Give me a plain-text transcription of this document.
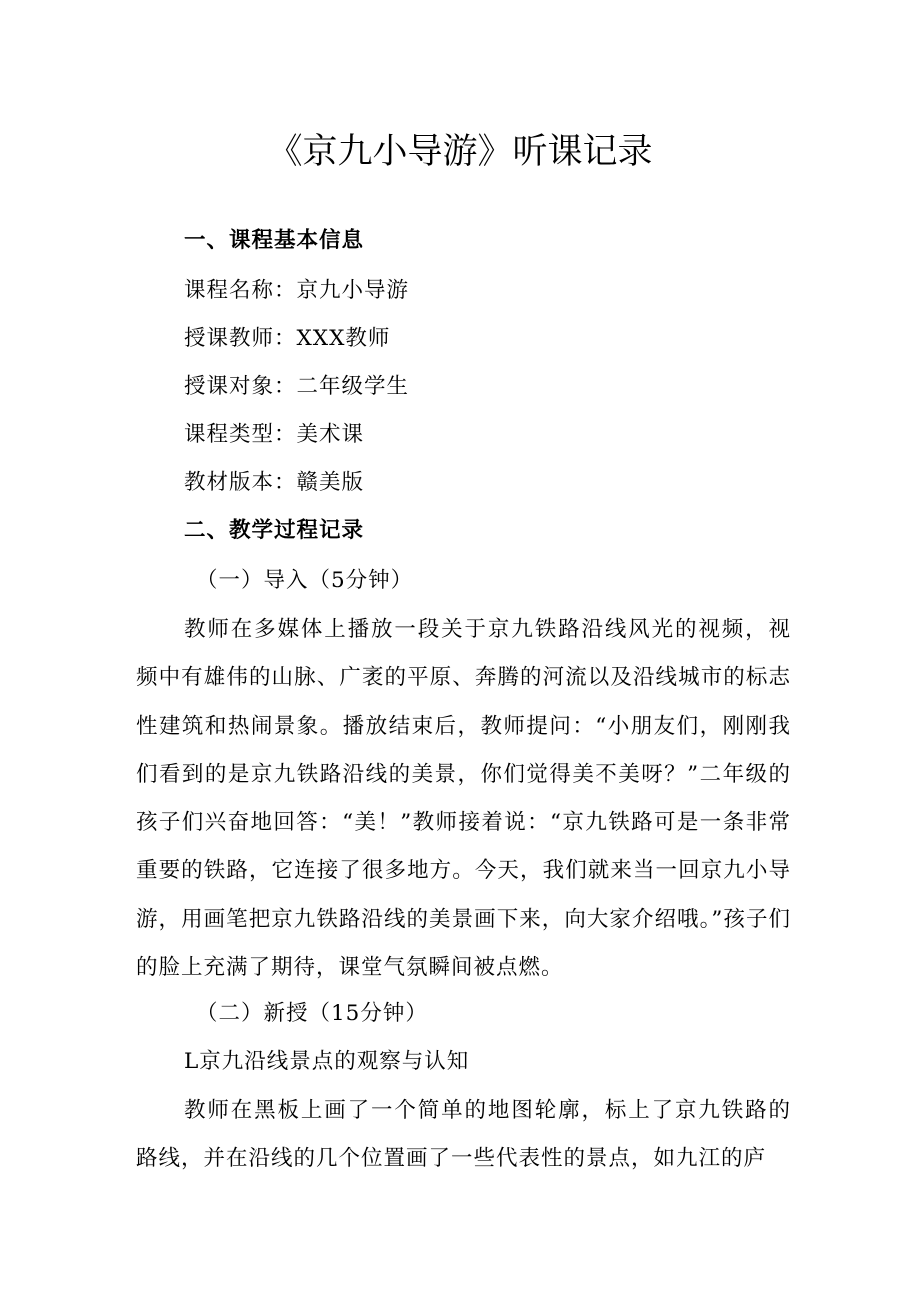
《京九小导游》听课记录
一、课程基本信息
课程名称：京九小导游
授课教师：XXX教师
授课对象：二年级学生
课程类型：美术课
教材版本：赣美版
二、教学过程记录
（一）导入（5分钟）

教师在多媒体上播放一段关于京九铁路沿线风光的视频，视频中有雄伟的山脉、广袤的平原、奔腾的河流以及沿线城市的标志性建筑和热闹景象。播放结束后，教师提问：“小朋友们，刚刚我们看到的是京九铁路沿线的美景，你们觉得美不美呀？”二年级的孩子们兴奋地回答：“美！”教师接着说：“京九铁路可是一条非常重要的铁路，它连接了很多地方。今天，我们就来当一回京九小导游，用画笔把京九铁路沿线的美景画下来，向大家介绍哦。”孩子们的脸上充满了期待，课堂气氛瞬间被点燃。

（二）新授（15分钟）
L京九沿线景点的观察与认知

教师在黑板上画了一个简单的地图轮廓，标上了京九铁路的路线，并在沿线的几个位置画了一些代表性的景点，如九江的庐
